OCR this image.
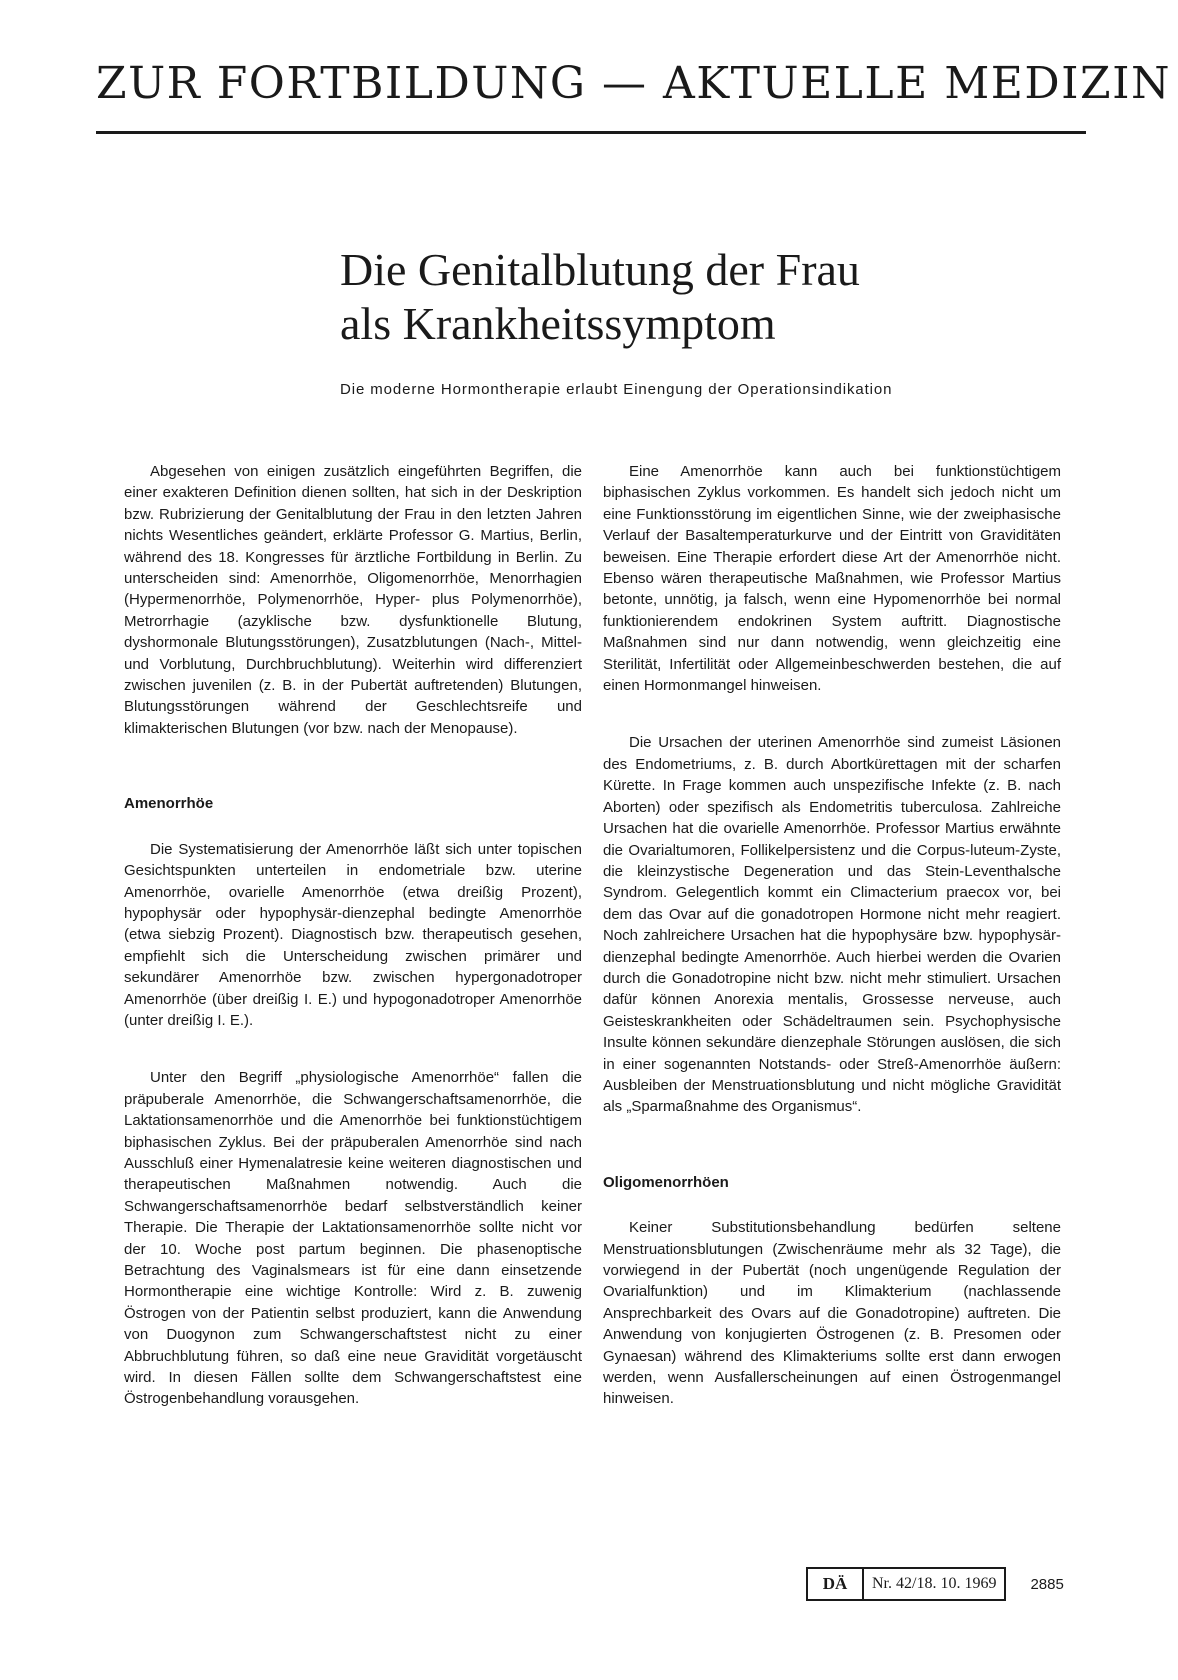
ZUR FORTBILDUNG — AKTUELLE MEDIZIN
Die Genitalblutung der Frau
als Krankheitssymptom
Die moderne Hormontherapie erlaubt Einengung der Operationsindikation

Abgesehen von einigen zusätzlich eingeführten Begriffen, die einer exakteren Definition dienen sollten, hat sich in der Deskription bzw. Rubrizierung der Genitalblutung der Frau in den letzten Jahren nichts Wesentliches geändert, erklärte Professor G. Martius, Berlin, während des 18. Kongresses für ärztliche Fortbildung in Berlin. Zu unterscheiden sind: Amenorrhöe, Oligomenorrhöe, Menorrhagien (Hypermenorrhöe, Polymenorrhöe, Hyper- plus Polymenorrhöe), Metrorrhagie (azyklische bzw. dysfunktionelle Blutung, dyshormonale Blutungsstörungen), Zusatzblutungen (Nach-, Mittel- und Vorblutung, Durchbruchblutung). Weiterhin wird differenziert zwischen juvenilen (z. B. in der Pubertät auftretenden) Blutungen, Blutungsstörungen während der Geschlechtsreife und klimakterischen Blutungen (vor bzw. nach der Menopause).

Amenorrhöe

Die Systematisierung der Amenorrhöe läßt sich unter topischen Gesichtspunkten unterteilen in endometriale bzw. uterine Amenorrhöe, ovarielle Amenorrhöe (etwa dreißig Prozent), hypophysär oder hypophysär-dienzephal bedingte Amenorrhöe (etwa siebzig Prozent). Diagnostisch bzw. therapeutisch gesehen, empfiehlt sich die Unterscheidung zwischen primärer und sekundärer Amenorrhöe bzw. zwischen hypergonadotroper Amenorrhöe (über dreißig I. E.) und hypogonadotroper Amenorrhöe (unter dreißig I. E.).

Unter den Begriff „physiologische Amenorrhöe“ fallen die präpuberale Amenorrhöe, die Schwangerschaftsamenorrhöe, die Laktationsamenorrhöe und die Amenorrhöe bei funktionstüchtigem biphasischen Zyklus. Bei der präpuberalen Amenorrhöe sind nach Ausschluß einer Hymenalatresie keine weiteren diagnostischen und therapeutischen Maßnahmen notwendig. Auch die Schwangerschaftsamenorrhöe bedarf selbstverständlich keiner Therapie. Die Therapie der Laktationsamenorrhöe sollte nicht vor der 10. Woche post partum beginnen. Die phasenoptische Betrachtung des Vaginalsmears ist für eine dann einsetzende Hormontherapie eine wichtige Kontrolle: Wird z. B. zuwenig Östrogen von der Patientin selbst produziert, kann die Anwendung von Duogynon zum Schwangerschaftstest nicht zu einer Abbruchblutung führen, so daß eine neue Gravidität vorgetäuscht wird. In diesen Fällen sollte dem Schwangerschaftstest eine Östrogenbehandlung vorausgehen.

Eine Amenorrhöe kann auch bei funktionstüchtigem biphasischen Zyklus vorkommen. Es handelt sich jedoch nicht um eine Funktionsstörung im eigentlichen Sinne, wie der zweiphasische Verlauf der Basaltemperaturkurve und der Eintritt von Graviditäten beweisen. Eine Therapie erfordert diese Art der Amenorrhöe nicht. Ebenso wären therapeutische Maßnahmen, wie Professor Martius betonte, unnötig, ja falsch, wenn eine Hypomenorrhöe bei normal funktionierendem endokrinen System auftritt. Diagnostische Maßnahmen sind nur dann notwendig, wenn gleichzeitig eine Sterilität, Infertilität oder Allgemeinbeschwerden bestehen, die auf einen Hormonmangel hinweisen.

Die Ursachen der uterinen Amenorrhöe sind zumeist Läsionen des Endometriums, z. B. durch Abortkürettagen mit der scharfen Kürette. In Frage kommen auch unspezifische Infekte (z. B. nach Aborten) oder spezifisch als Endometritis tuberculosa. Zahlreiche Ursachen hat die ovarielle Amenorrhöe. Professor Martius erwähnte die Ovarialtumoren, Follikelpersistenz und die Corpus-luteum-Zyste, die kleinzystische Degeneration und das Stein-Leventhalsche Syndrom. Gelegentlich kommt ein Climacterium praecox vor, bei dem das Ovar auf die gonadotropen Hormone nicht mehr reagiert. Noch zahlreichere Ursachen hat die hypophysäre bzw. hypophysär-dienzephal bedingte Amenorrhöe. Auch hierbei werden die Ovarien durch die Gonadotropine nicht bzw. nicht mehr stimuliert. Ursachen dafür können Anorexia mentalis, Grossesse nerveuse, auch Geisteskrankheiten oder Schädeltraumen sein. Psychophysische Insulte können sekundäre dienzephale Störungen auslösen, die sich in einer sogenannten Notstands- oder Streß-Amenorrhöe äußern: Ausbleiben der Menstruationsblutung und nicht mögliche Gravidität als „Sparmaßnahme des Organismus“.

Oligomenorrhöen

Keiner Substitutionsbehandlung bedürfen seltene Menstruationsblutungen (Zwischenräume mehr als 32 Tage), die vorwiegend in der Pubertät (noch ungenügende Regulation der Ovarialfunktion) und im Klimakterium (nachlassende Ansprechbarkeit des Ovars auf die Gonadotropine) auftreten. Die Anwendung von konjugierten Östrogenen (z. B. Presomen oder Gynaesan) während des Klimakteriums sollte erst dann erwogen werden, wenn Ausfallerscheinungen auf einen Östrogenmangel hinweisen.

DÄ	Nr. 42/18. 10. 1969	2885
